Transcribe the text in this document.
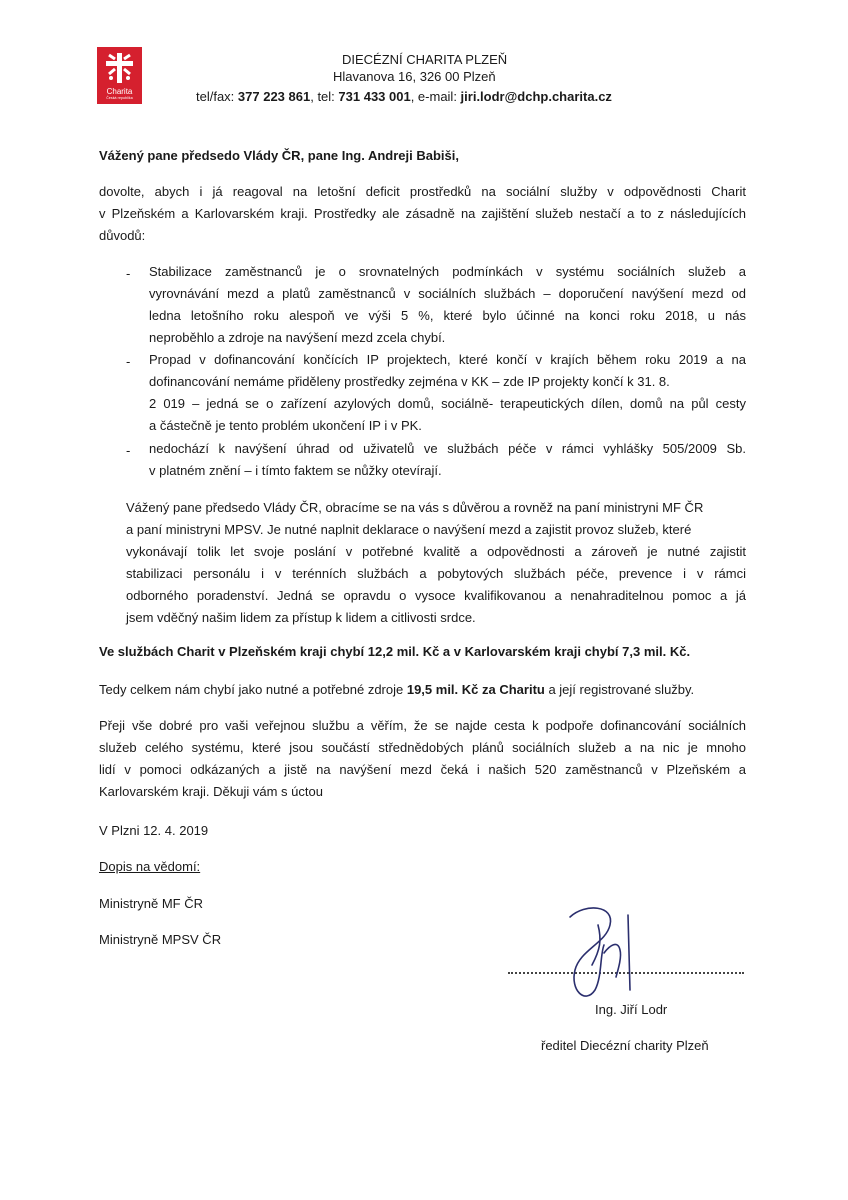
Charita
Česká republika
DIECÉZNÍ CHARITA PLZEŇ
Hlavanova 16, 326 00 Plzeň
tel/fax: 377 223 861, tel: 731 433 001, e-mail: jiri.lodr@dchp.charita.cz
Vážený pane předsedo Vlády ČR, pane Ing. Andreji Babiši,
dovolte, abych i já reagoval na letošní deficit prostředků na sociální služby v odpovědnosti Charit
v Plzeňském a Karlovarském kraji. Prostředky ale zásadně na zajištění služeb nestačí a to z následujících
důvodů:
- Stabilizace zaměstnanců je o srovnatelných podmínkách v systému sociálních služeb a
vyrovnávání mezd a platů zaměstnanců v sociálních službách – doporučení navýšení mezd od
ledna letošního roku alespoň ve výši 5 %, které bylo účinné na konci roku 2018, u nás
neproběhlo a zdroje na navýšení mezd zcela chybí.
- Propad v dofinancování končících IP projektech, které končí v krajích během roku 2019 a na
dofinancování nemáme přiděleny prostředky zejména v KK – zde IP projekty končí k 31. 8.
2 019 – jedná se o zařízení azylových domů, sociálně- terapeutických dílen, domů na půl cesty
a částečně je tento problém ukončení IP i v PK.
- nedochází k navýšení úhrad od uživatelů ve službách péče v rámci vyhlášky 505/2009 Sb.
v platném znění – i tímto faktem se nůžky otevírají.
Vážený pane předsedo Vlády ČR, obracíme se na vás s důvěrou a rovněž na paní ministryni MF ČR
a paní ministryni MPSV. Je nutné naplnit deklarace o navýšení mezd a zajistit provoz služeb, které
vykonávají tolik let svoje poslání v potřebné kvalitě a odpovědnosti a zároveň je nutné zajistit
stabilizaci personálu i v terénních službách a pobytových službách péče, prevence i v rámci
odborného poradenství. Jedná se opravdu o vysoce kvalifikovanou a nenahraditelnou pomoc a já
jsem vděčný našim lidem za přístup k lidem a citlivosti srdce.
Ve službách Charit v Plzeňském kraji chybí 12,2 mil. Kč a v Karlovarském kraji chybí 7,3 mil. Kč.
Tedy celkem nám chybí jako nutné a potřebné zdroje 19,5 mil. Kč za Charitu a její registrované služby.
Přeji vše dobré pro vaši veřejnou službu a věřím, že se najde cesta k podpoře dofinancování sociálních
služeb celého systému, které jsou součástí střednědobých plánů sociálních služeb a na nic je mnoho
lidí v pomoci odkázaných a jistě na navýšení mezd čeká i našich 520 zaměstnanců v Plzeňském a
Karlovarském kraji. Děkuji vám s úctou
V Plzni 12. 4. 2019
Dopis na vědomí:
Ministryně MF ČR
Ministryně MPSV ČR
Ing. Jiří Lodr
ředitel Diecézní charity Plzeň
